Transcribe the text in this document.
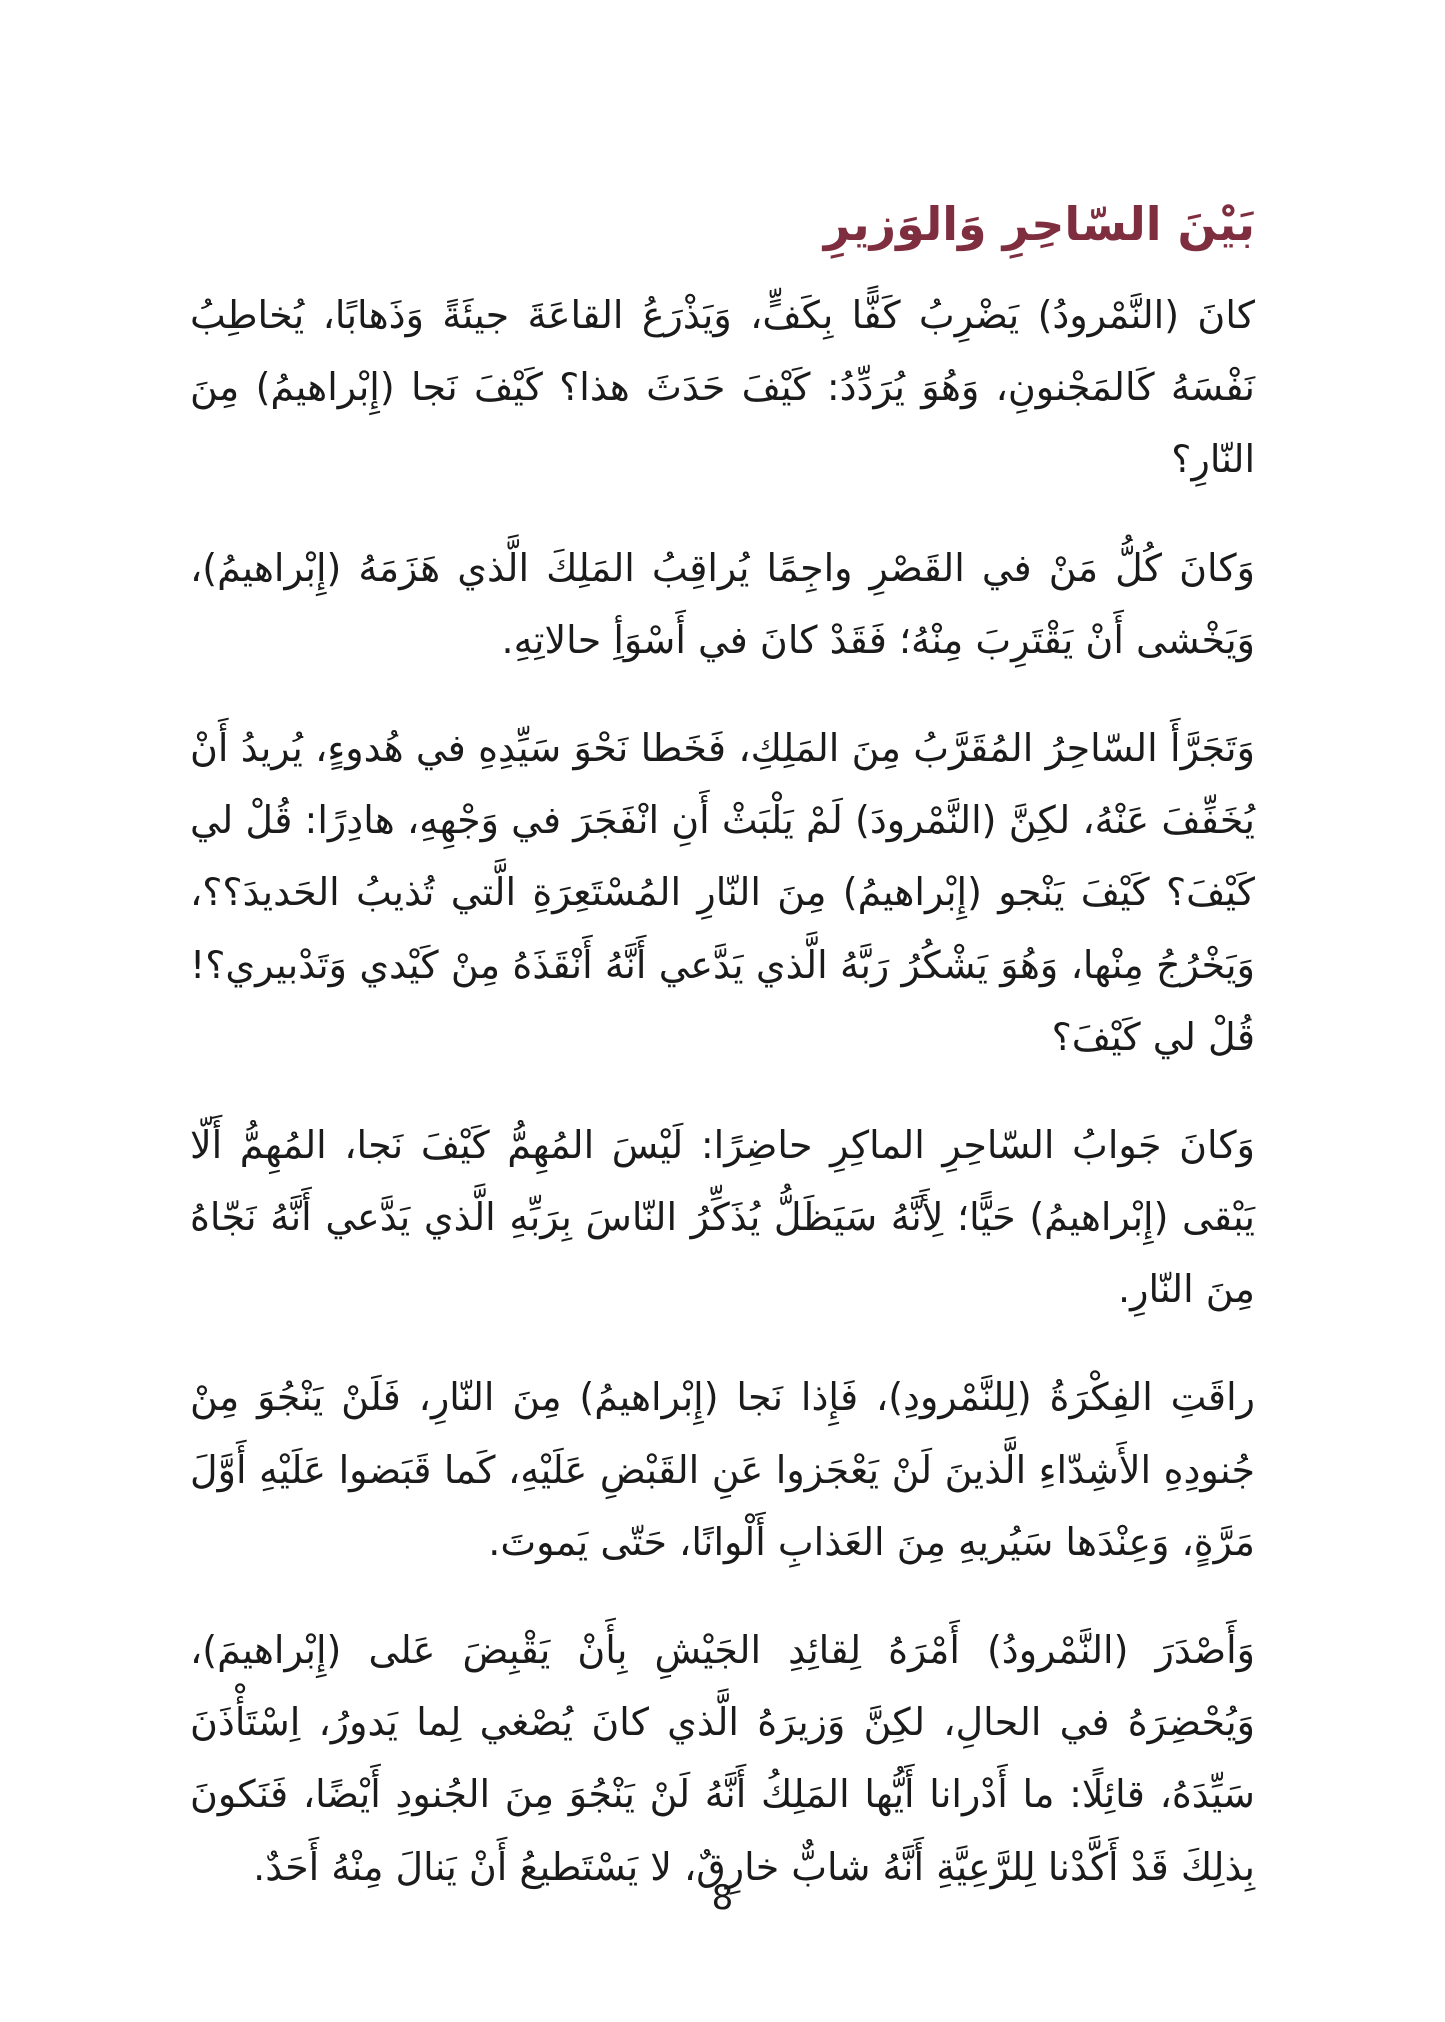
بَيْنَ السّاحِرِ وَالوَزيرِ

كانَ (النَّمْرودُ) يَضْرِبُ كَفًّا بِكَفٍّ، وَيَذْرَعُ القاعَةَ جيئَةً وَذَهابًا، يُخاطِبُ نَفْسَهُ كَالمَجْنونِ، وَهُوَ يُرَدِّدُ: كَيْفَ حَدَثَ هذا؟ كَيْفَ نَجا (إِبْراهيمُ) مِنَ النّارِ؟

وَكانَ كُلُّ مَنْ في القَصْرِ واجِمًا يُراقِبُ المَلِكَ الَّذي هَزَمَهُ (إِبْراهيمُ)، وَيَخْشى أَنْ يَقْتَرِبَ مِنْهُ؛ فَقَدْ كانَ في أَسْوَأِ حالاتِهِ.

وَتَجَرَّأَ السّاحِرُ المُقَرَّبُ مِنَ المَلِكِ، فَخَطا نَحْوَ سَيِّدِهِ في هُدوءٍ، يُريدُ أَنْ يُخَفِّفَ عَنْهُ، لكِنَّ (النَّمْرودَ) لَمْ يَلْبَثْ أَنِ انْفَجَرَ في وَجْهِهِ، هادِرًا: قُلْ لي كَيْفَ؟ كَيْفَ يَنْجو (إِبْراهيمُ) مِنَ النّارِ المُسْتَعِرَةِ الَّتي تُذيبُ الحَديدَ؟؟، وَيَخْرُجُ مِنْها، وَهُوَ يَشْكُرُ رَبَّهُ الَّذي يَدَّعي أَنَّهُ أَنْقَذَهُ مِنْ كَيْدي وَتَدْبيري؟! قُلْ لي كَيْفَ؟

وَكانَ جَوابُ السّاحِرِ الماكِرِ حاضِرًا: لَيْسَ المُهِمُّ كَيْفَ نَجا، المُهِمُّ أَلّا يَبْقى (إِبْراهيمُ) حَيًّا؛ لِأَنَّهُ سَيَظَلُّ يُذَكِّرُ النّاسَ بِرَبِّهِ الَّذي يَدَّعي أَنَّهُ نَجّاهُ مِنَ النّارِ.

راقَتِ الفِكْرَةُ (لِلنَّمْرودِ)، فَإِذا نَجا (إِبْراهيمُ) مِنَ النّارِ، فَلَنْ يَنْجُوَ مِنْ جُنودِهِ الأَشِدّاءِ الَّذينَ لَنْ يَعْجَزوا عَنِ القَبْضِ عَلَيْهِ، كَما قَبَضوا عَلَيْهِ أَوَّلَ مَرَّةٍ، وَعِنْدَها سَيُريهِ مِنَ العَذابِ أَلْوانًا، حَتّى يَموتَ.

وَأَصْدَرَ (النَّمْرودُ) أَمْرَهُ لِقائِدِ الجَيْشِ بِأَنْ يَقْبِضَ عَلى (إِبْراهيمَ)، وَيُحْضِرَهُ في الحالِ، لكِنَّ وَزيرَهُ الَّذي كانَ يُصْغي لِما يَدورُ، اِسْتَأْذَنَ سَيِّدَهُ، قائِلًا: ما أَدْرانا أَيُّها المَلِكُ أَنَّهُ لَنْ يَنْجُوَ مِنَ الجُنودِ أَيْضًا، فَنَكونَ بِذلِكَ قَدْ أَكَّدْنا لِلرَّعِيَّةِ أَنَّهُ شابٌّ خارِقٌ، لا يَسْتَطيعُ أَنْ يَنالَ مِنْهُ أَحَدٌ.

8
